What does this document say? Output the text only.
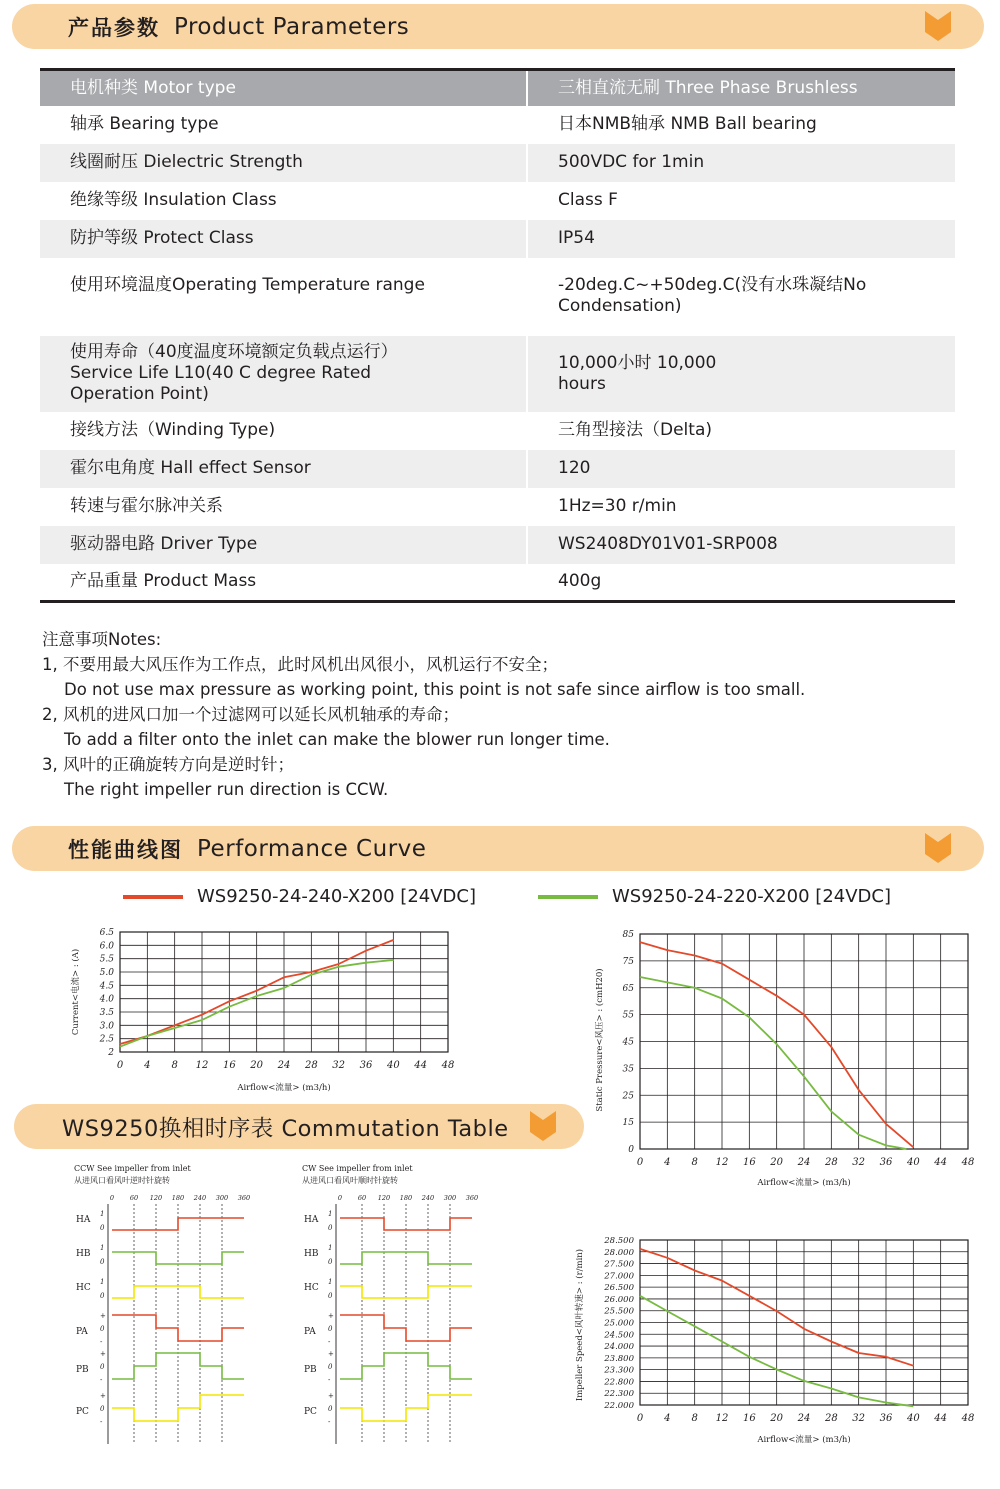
产品参数 Product Parameters
电机种类 Motor type	三相直流无刷 Three Phase Brushless
轴承 Bearing type	日本NMB轴承 NMB Ball bearing
线圈耐压 Dielectric Strength	500VDC for 1min
绝缘等级 Insulation Class	Class F
防护等级 Protect Class	IP54
使用环境温度Operating Temperature range	-20deg.C~+50deg.C(没有水珠凝结No Condensation)
使用寿命（40度温度环境额定负载点运行） Service Life L10(40 C degree Rated Operation Point)	10,000小时 10,000 hours
接线方法（Winding Type)	三角型接法（Delta)
霍尔电角度 Hall effect Sensor	120
转速与霍尔脉冲关系	1Hz=30 r/min
驱动器电路 Driver Type	WS2408DY01V01-SRP008
产品重量 Product Mass	400g
注意事项Notes:
1, 不要用最大风压作为工作点，此时风机出风很小，风机运行不安全；
Do not use max pressure as working point, this point is not safe since airflow is too small.
2, 风机的进风口加一个过滤网可以延长风机轴承的寿命；
To add a filter onto the inlet can make the blower run longer time.
3, 风叶的正确旋转方向是逆时针；
The right impeller run direction is CCW.
性能曲线图 Performance Curve
WS9250-24-240-X200 [24VDC]	WS9250-24-220-X200 [24VDC]
0 4 8 12 16 20 24 28 32 36 40 44 48
2
2.5
3.0
3.5
4.0
4.5
5.0
5.5
6.0
6.5
Airflow<流量> (m3/h)
Current<电流> : (A)
0 4 8 12 16 20 24 28 32 36 40 44 48
0
15
25
35
45
55
65
75
85
Airflow<流量> (m3/h)
Static Pressure<风压> : (cmH20)
0 4 8 12 16 20 24 28 32 36 40 44 48
22.000
22.300
22.800
23.300
23.800
24.000
24.500
25.000
25.500
26.000
26.500
27.000
27.500
28.000
28.500
Airflow<流量> (m3/h)
Impeller Speed<风叶转速> : (r/min)
WS9250换相时序表 Commutation Table
CCW See impeller from inlet
从进风口看风叶逆时针旋转
0 60 120 180 240 300 360
HA
1
0
HB
1
0
HC
1
0
PA
+
0
-
PB
+
0
-
PC
+
0
-
CW See impeller from inlet
从进风口看风叶顺时针旋转
0 60 120 180 240 300 360
HA
1
0
HB
1
0
HC
1
0
PA
+
0
-
PB
+
0
-
PC
+
0
-
